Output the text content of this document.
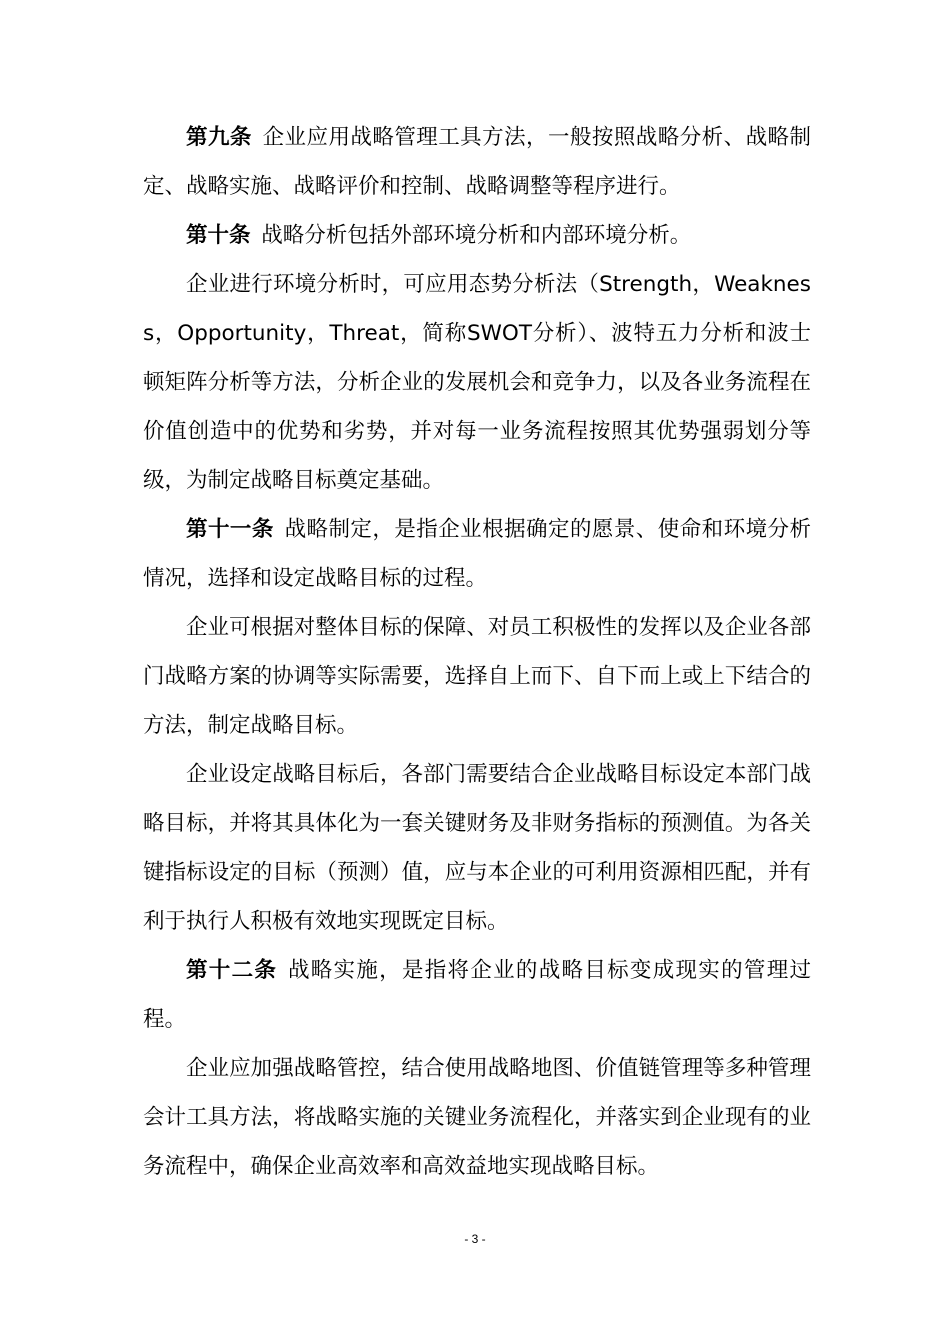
第九条 企业应用战略管理工具方法，一般按照战略分析、战略制定、战略实施、战略评价和控制、战略调整等程序进行。

第十条 战略分析包括外部环境分析和内部环境分析。

企业进行环境分析时，可应用态势分析法（Strength，Weakness，Opportunity，Threat，简称SWOT分析）、波特五力分析和波士顿矩阵分析等方法，分析企业的发展机会和竞争力，以及各业务流程在价值创造中的优势和劣势，并对每一业务流程按照其优势强弱划分等级，为制定战略目标奠定基础。

第十一条 战略制定，是指企业根据确定的愿景、使命和环境分析情况，选择和设定战略目标的过程。

企业可根据对整体目标的保障、对员工积极性的发挥以及企业各部门战略方案的协调等实际需要，选择自上而下、自下而上或上下结合的方法，制定战略目标。

企业设定战略目标后，各部门需要结合企业战略目标设定本部门战略目标，并将其具体化为一套关键财务及非财务指标的预测值。为各关键指标设定的目标（预测）值，应与本企业的可利用资源相匹配，并有利于执行人积极有效地实现既定目标。

第十二条 战略实施，是指将企业的战略目标变成现实的管理过程。

企业应加强战略管控，结合使用战略地图、价值链管理等多种管理会计工具方法，将战略实施的关键业务流程化，并落实到企业现有的业务流程中，确保企业高效率和高效益地实现战略目标。

- 3 -
